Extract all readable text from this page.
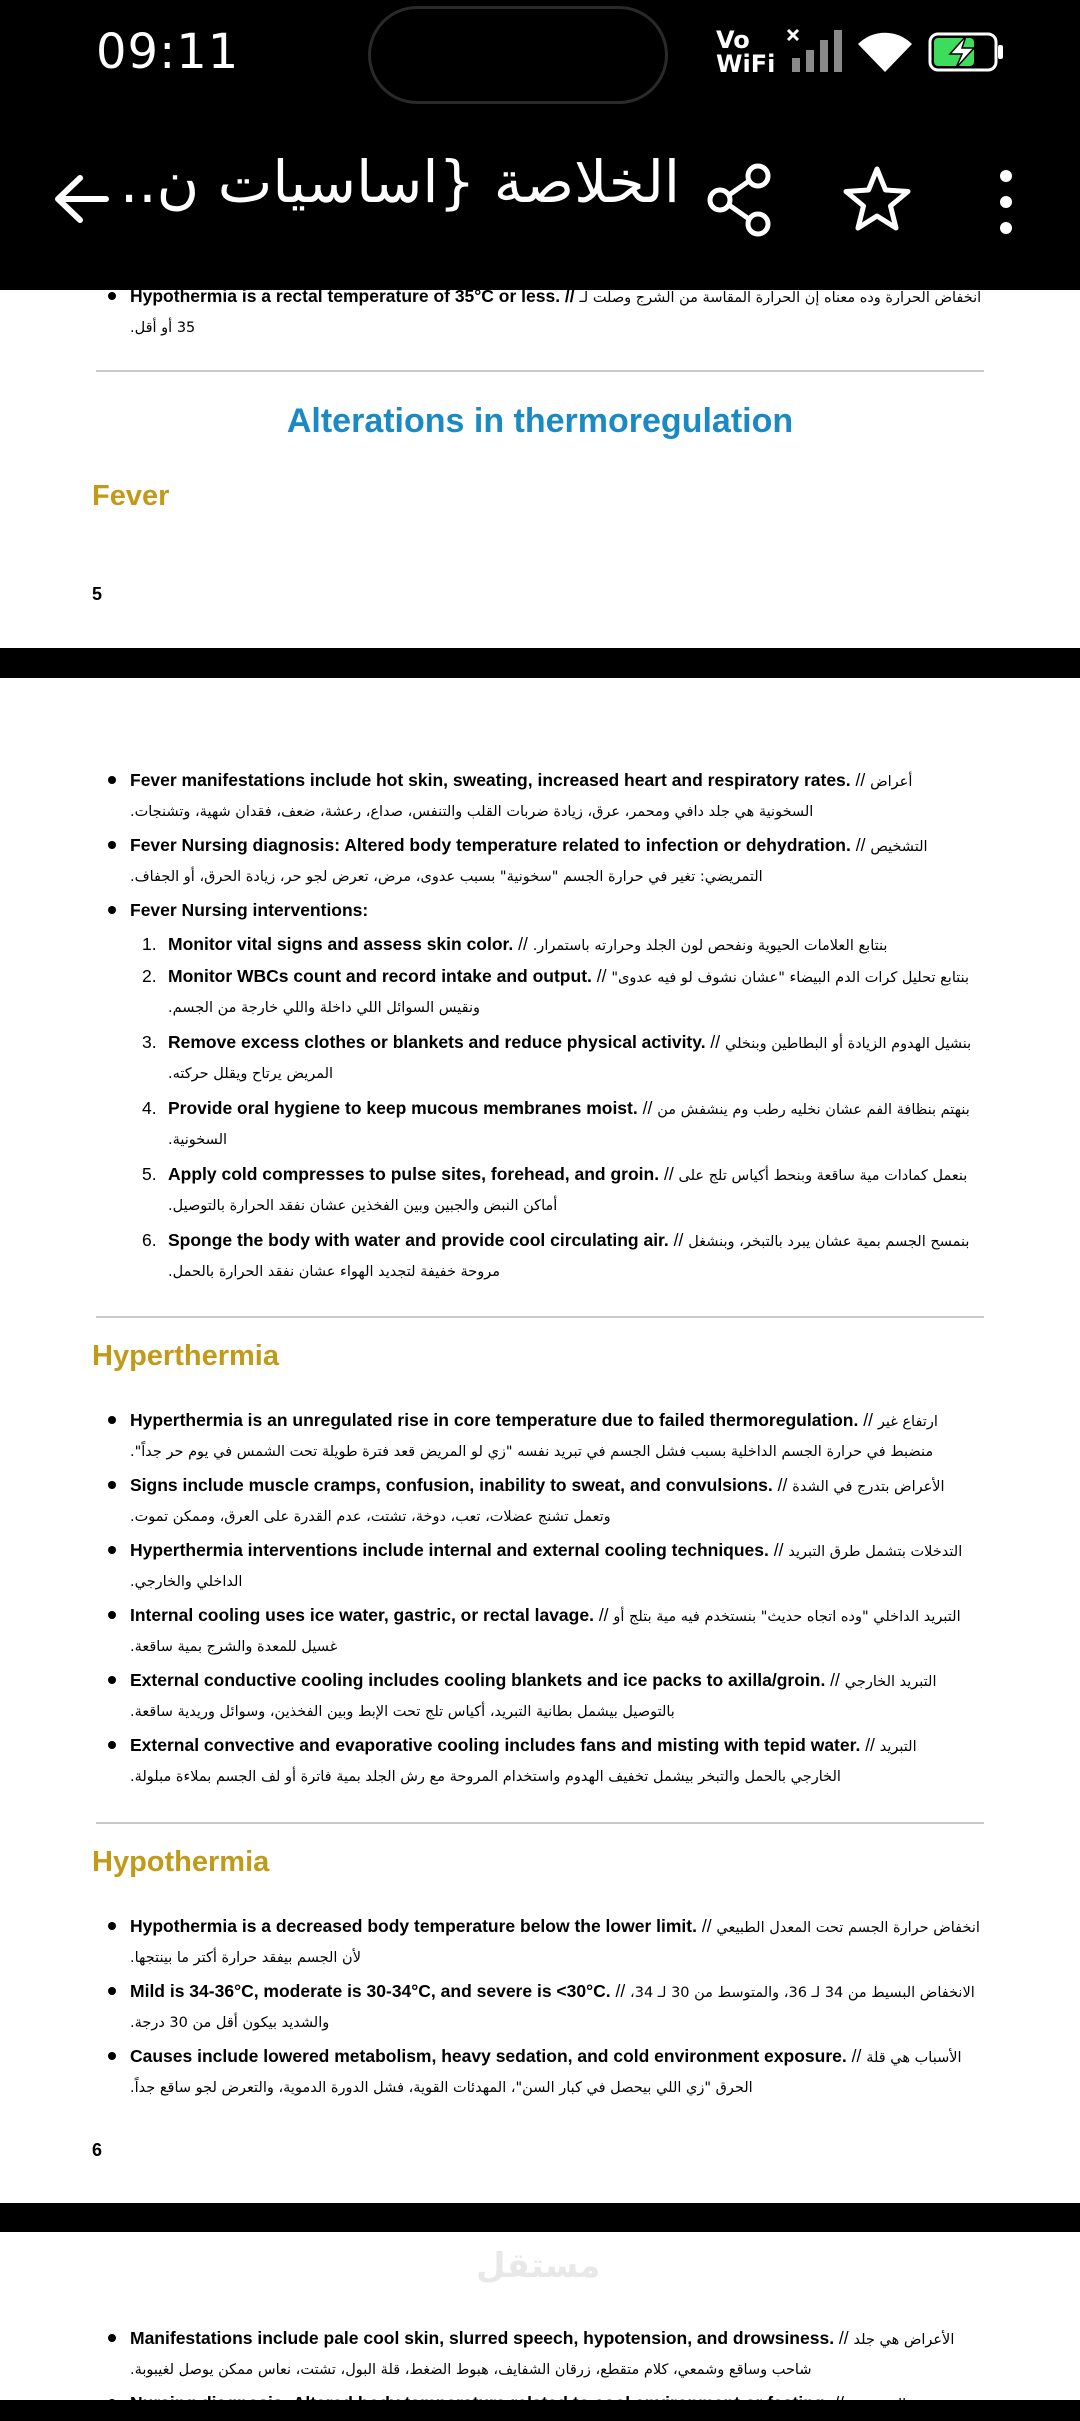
09:11	Vo
WiFi
الخلاصة {اساسيات ن..
Hypothermia is a rectal temperature of 35°C or less. // انخفاض الحرارة وده معناه إن الحرارة المقاسة من الشرج وصلت لـ
35 أو أقل.
Alterations in thermoregulation
Fever
5
Fever manifestations include hot skin, sweating, increased heart and respiratory rates. // أعراض
السخونية هي جلد دافي ومحمر، عرق، زيادة ضربات القلب والتنفس، صداع، رعشة، ضعف، فقدان شهية، وتشنجات.
Fever Nursing diagnosis: Altered body temperature related to infection or dehydration. // التشخيص
التمريضي: تغير في حرارة الجسم "سخونية" بسبب عدوى، مرض، تعرض لجو حر، زيادة الحرق، أو الجفاف.
Fever Nursing interventions:
1. Monitor vital signs and assess skin color. // بنتابع العلامات الحيوية ونفحص لون الجلد وحرارته باستمرار.
2. Monitor WBCs count and record intake and output. // بنتابع تحليل كرات الدم البيضاء "عشان نشوف لو فيه عدوى"
ونقيس السوائل اللي داخلة واللي خارجة من الجسم.
3. Remove excess clothes or blankets and reduce physical activity. // بنشيل الهدوم الزيادة أو البطاطين وبنخلي
المريض يرتاح ويقلل حركته.
4. Provide oral hygiene to keep mucous membranes moist. // بنهتم بنظافة الفم عشان نخليه رطب وم ينشفش من
السخونية.
5. Apply cold compresses to pulse sites, forehead, and groin. // بنعمل كمادات مية ساقعة وبنحط أكياس تلج على
أماكن النبض والجبين وبين الفخذين عشان نفقد الحرارة بالتوصيل.
6. Sponge the body with water and provide cool circulating air. // بنمسح الجسم بمية عشان يبرد بالتبخر، وبنشغل
مروحة خفيفة لتجديد الهواء عشان نفقد الحرارة بالحمل.
Hyperthermia
Hyperthermia is an unregulated rise in core temperature due to failed thermoregulation. // ارتفاع غير
منضبط في حرارة الجسم الداخلية بسبب فشل الجسم في تبريد نفسه "زي لو المريض قعد فترة طويلة تحت الشمس في يوم حر جداً".
Signs include muscle cramps, confusion, inability to sweat, and convulsions. // الأعراض بتدرج في الشدة
وتعمل تشنج عضلات، تعب، دوخة، تشتت، عدم القدرة على العرق، وممكن تموت.
Hyperthermia interventions include internal and external cooling techniques. // التدخلات بتشمل طرق التبريد
الداخلي والخارجي.
Internal cooling uses ice water, gastric, or rectal lavage. // التبريد الداخلي "وده اتجاه حديث" بنستخدم فيه مية بتلج أو
غسيل للمعدة والشرج بمية ساقعة.
External conductive cooling includes cooling blankets and ice packs to axilla/groin. // التبريد الخارجي
بالتوصيل بيشمل بطانية التبريد، أكياس تلج تحت الإبط وبين الفخذين، وسوائل وريدية ساقعة.
External convective and evaporative cooling includes fans and misting with tepid water. // التبريد
الخارجي بالحمل والتبخر بيشمل تخفيف الهدوم واستخدام المروحة مع رش الجلد بمية فاترة أو لف الجسم بملاءة مبلولة.
Hypothermia
Hypothermia is a decreased body temperature below the lower limit. // انخفاض حرارة الجسم تحت المعدل الطبيعي
لأن الجسم بيفقد حرارة أكتر ما بينتجها.
Mild is 34-36°C, moderate is 30-34°C, and severe is <30°C. // الانخفاض البسيط من 34 لـ 36، والمتوسط من 30 لـ 34،
والشديد بيكون أقل من 30 درجة.
Causes include lowered metabolism, heavy sedation, and cold environment exposure. // الأسباب هي قلة
الحرق "زي اللي بيحصل في كبار السن"، المهدئات القوية، فشل الدورة الدموية، والتعرض لجو ساقع جداً.
6
مستقل
Manifestations include pale cool skin, slurred speech, hypotension, and drowsiness. // الأعراض هي جلد
شاحب وساقع وشمعي، كلام متقطع، زرقان الشفايف، هبوط الضغط، قلة البول، تشتت، نعاس ممكن يوصل لغيبوبة.
Nursing diagnosis: Altered body temperature related to cool environment or fasting. // التشخيص
